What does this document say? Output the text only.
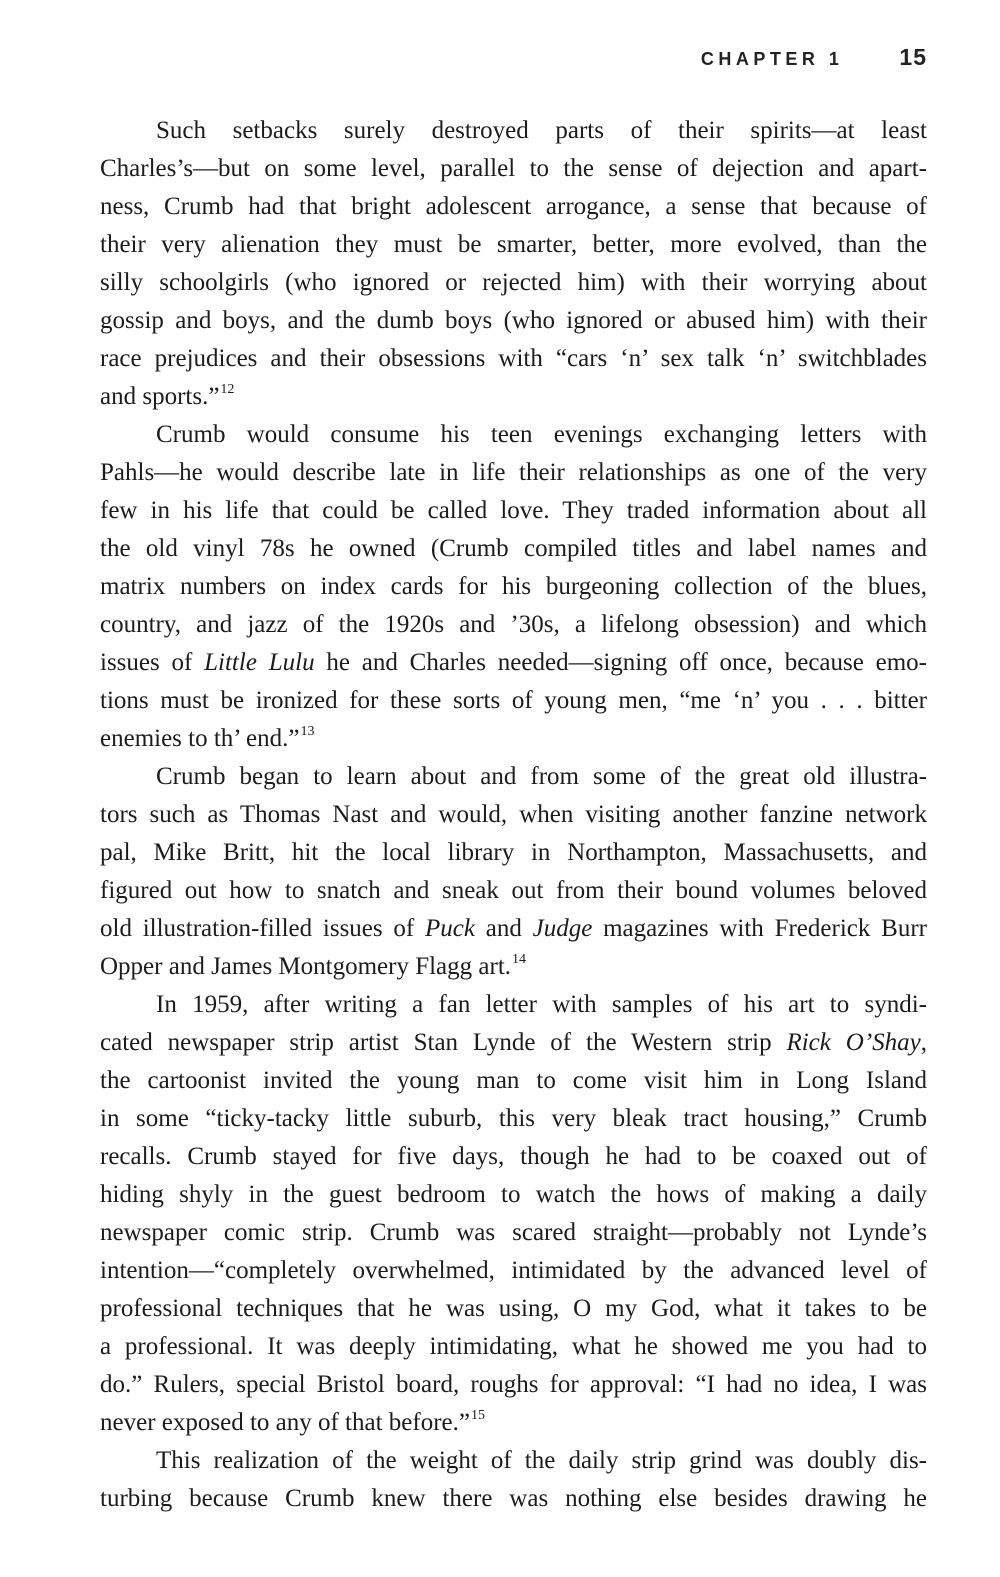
CHAPTER 1 15
Such setbacks surely destroyed parts of their spirits—at least
Charles’s—but on some level, parallel to the sense of dejection and apart-
ness, Crumb had that bright adolescent arrogance, a sense that because of
their very alienation they must be smarter, better, more evolved, than the
silly schoolgirls (who ignored or rejected him) with their worrying about
gossip and boys, and the dumb boys (who ignored or abused him) with their
race prejudices and their obsessions with “cars ‘n’ sex talk ‘n’ switchblades
and sports.”$^{12}$
Crumb would consume his teen evenings exchanging letters with
Pahls—he would describe late in life their relationships as one of the very
few in his life that could be called love. They traded information about all
the old vinyl 78s he owned (Crumb compiled titles and label names and
matrix numbers on index cards for his burgeoning collection of the blues,
country, and jazz of the 1920s and ’30s, a lifelong obsession) and which
issues of Little Lulu he and Charles needed—signing off once, because emo-
tions must be ironized for these sorts of young men, “me ‘n’ you . . . bitter
enemies to th’ end.”$^{13}$
Crumb began to learn about and from some of the great old illustra-
tors such as Thomas Nast and would, when visiting another fanzine network
pal, Mike Britt, hit the local library in Northampton, Massachusetts, and
figured out how to snatch and sneak out from their bound volumes beloved
old illustration-filled issues of Puck and Judge magazines with Frederick Burr
Opper and James Montgomery Flagg art.$^{14}$
In 1959, after writing a fan letter with samples of his art to syndi-
cated newspaper strip artist Stan Lynde of the Western strip Rick O’Shay,
the cartoonist invited the young man to come visit him in Long Island
in some “ticky-tacky little suburb, this very bleak tract housing,” Crumb
recalls. Crumb stayed for five days, though he had to be coaxed out of
hiding shyly in the guest bedroom to watch the hows of making a daily
newspaper comic strip. Crumb was scared straight—probably not Lynde’s
intention—“completely overwhelmed, intimidated by the advanced level of
professional techniques that he was using, O my God, what it takes to be
a professional. It was deeply intimidating, what he showed me you had to
do.” Rulers, special Bristol board, roughs for approval: “I had no idea, I was
never exposed to any of that before.”$^{15}$
This realization of the weight of the daily strip grind was doubly dis-
turbing because Crumb knew there was nothing else besides drawing he
